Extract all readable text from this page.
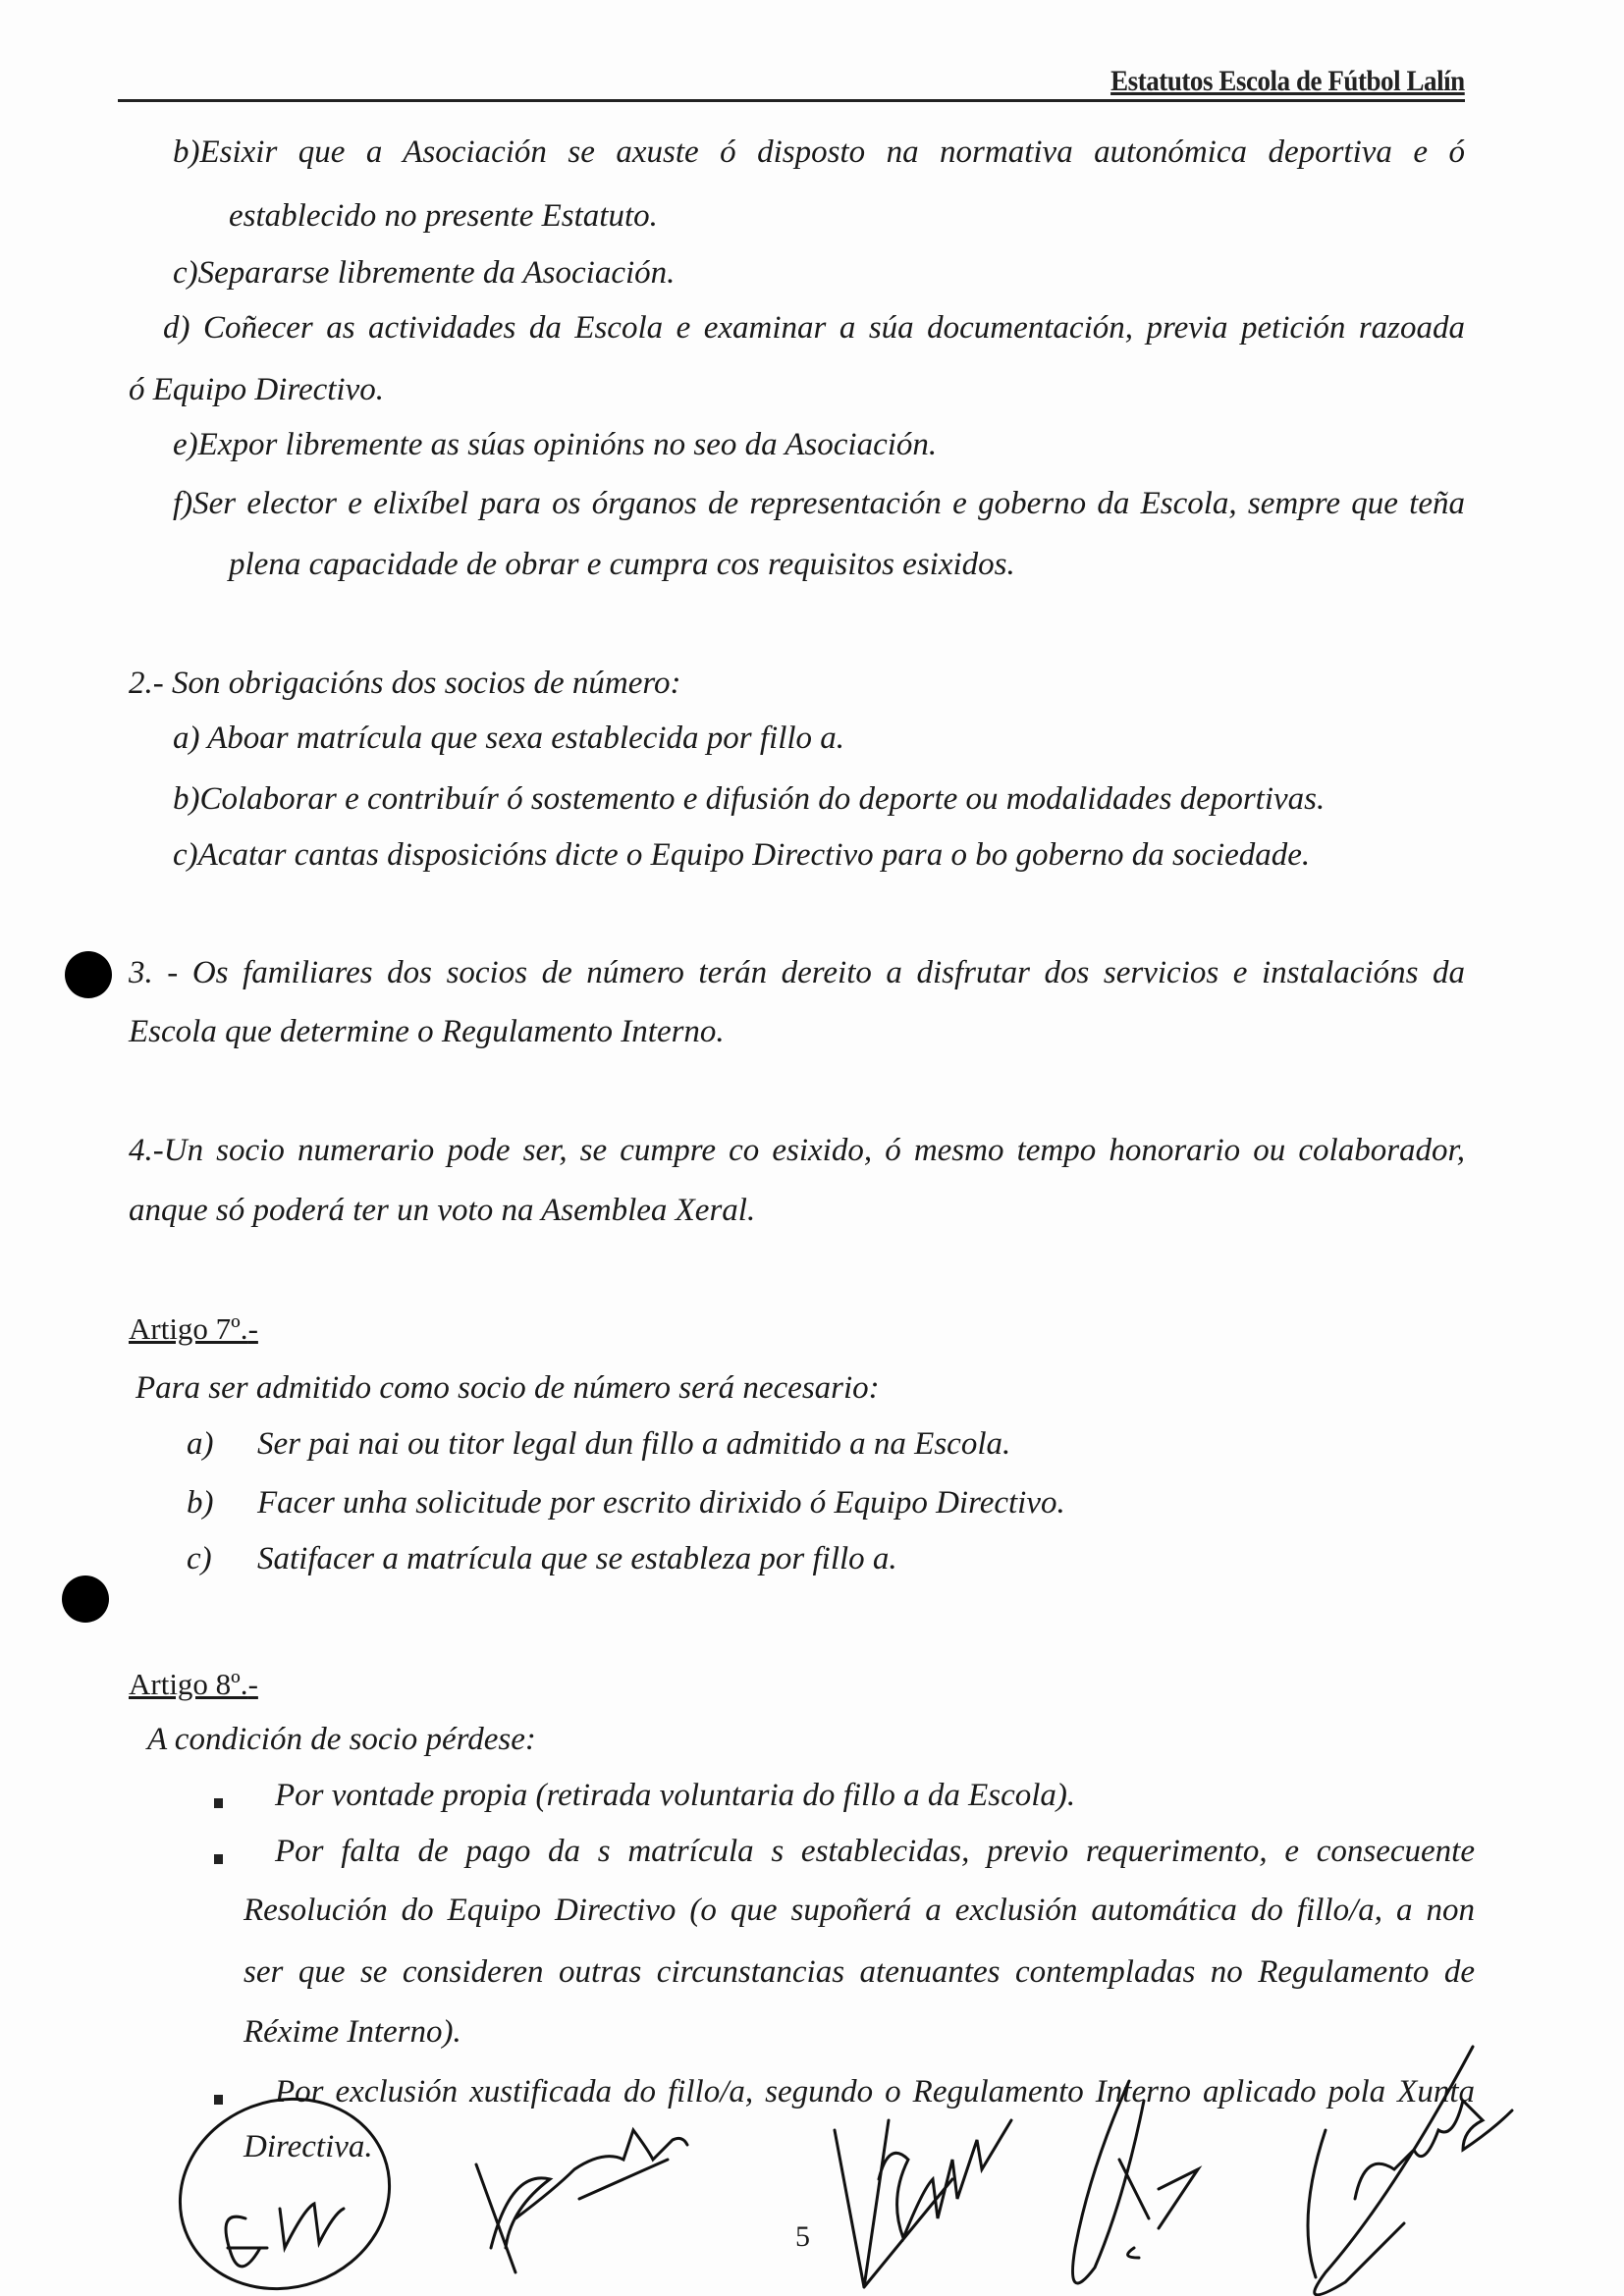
Estatutos Escola de Fútbol Lalín
b)Esixir que a Asociación se axuste ó disposto na normativa autonómica deportiva e ó
establecido no presente Estatuto.
c)Separarse libremente da Asociación.
d) Coñecer as actividades da Escola e examinar a súa documentación, previa petición razoada
ó Equipo Directivo.
e)Expor libremente as súas opinións no seo da Asociación.
f)Ser elector e elixíbel para os órganos de representación e goberno da Escola, sempre que teña
plena capacidade de obrar e cumpra cos requisitos esixidos.
2.- Son obrigacións dos socios de número:
a) Aboar matrícula que sexa establecida por fillo a.
b)Colaborar e contribuír ó sostemento e difusión do deporte ou modalidades deportivas.
c)Acatar cantas disposicións dicte o Equipo Directivo para o bo goberno da sociedade.
3. - Os familiares dos socios de número terán dereito a disfrutar dos servicios e instalacións da
Escola que determine o Regulamento Interno.
4.-Un socio numerario pode ser, se cumpre co esixido, ó mesmo tempo honorario ou colaborador,
anque só poderá ter un voto na Asemblea Xeral.
Artigo 7º.-
Para ser admitido como socio de número será necesario:
a) Ser pai nai ou titor legal dun fillo a admitido a na Escola.
b) Facer unha solicitude por escrito dirixido ó Equipo Directivo.
c) Satifacer a matrícula que se estableza por fillo a.
Artigo 8º.-
A condición de socio pérdese:
Por vontade propia (retirada voluntaria do fillo a da Escola).
Por falta de pago da s matrícula s establecidas, previo requerimento, e consecuente
Resolución do Equipo Directivo (o que supoñerá a exclusión automática do fillo/a, a non
ser que se consideren outras circunstancias atenuantes contempladas no Regulamento de
Réxime Interno).
Por exclusión xustificada do fillo/a, segundo o Regulamento Interno aplicado pola Xunta
Directiva.
5
